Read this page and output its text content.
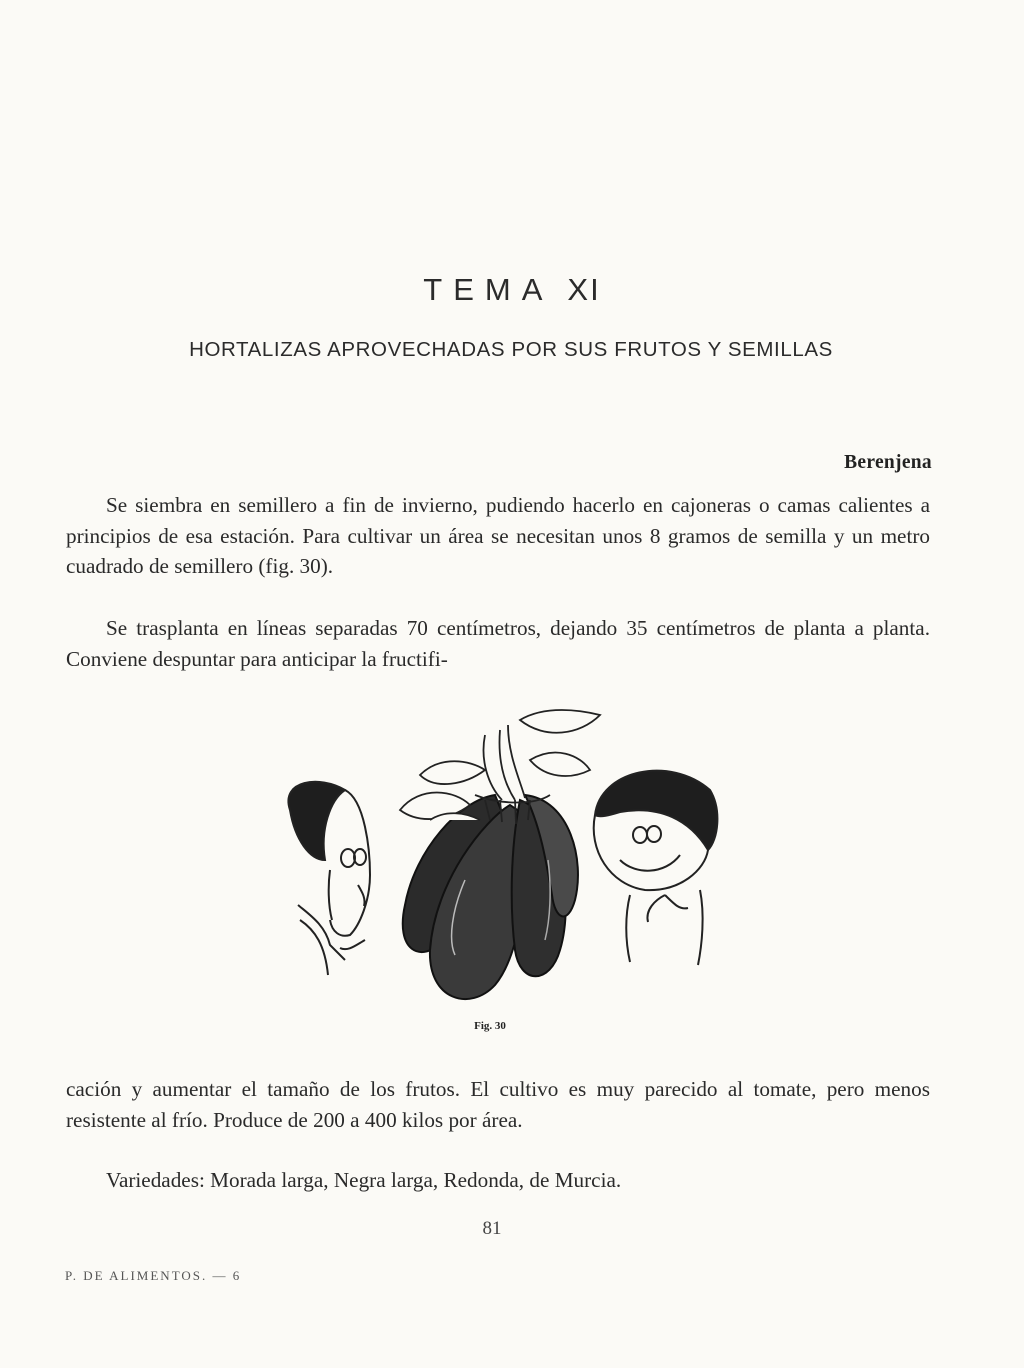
TEMA XI
HORTALIZAS APROVECHADAS POR SUS FRUTOS Y SEMILLAS
Berenjena

Se siembra en semillero a fin de invierno, pudiendo hacerlo en cajoneras o camas calientes a principios de esa estación. Para cultivar un área se necesitan unos 8 gramos de semilla y un metro cuadrado de semillero (fig. 30).

Se trasplanta en líneas separadas 70 centímetros, dejando 35 centímetros de planta a planta. Conviene despuntar para anticipar la fructifi-

Fig. 30

cación y aumentar el tamaño de los frutos. El cultivo es muy parecido al tomate, pero menos resistente al frío. Produce de 200 a 400 kilos por área.

Variedades: Morada larga, Negra larga, Redonda, de Murcia.

81
P. DE ALIMENTOS. — 6
